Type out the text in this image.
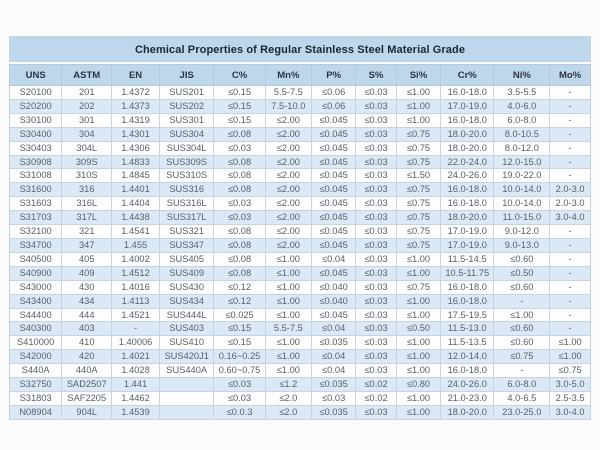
Chemical Properties of Regular Stainless Steel Material Grade
UNS	ASTM	EN	JIS	C%	Mn%	P%	S%	Si%	Cr%	Ni%	Mo%
S20100	201	1.4372	SUS201	≤0.15	5.5-7.5	≤0.06	≤0.03	≤1.00	16.0-18.0	3.5-5.5	-
S20200	202	1.4373	SUS202	≤0.15	7.5-10.0	≤0.06	≤0.03	≤1.00	17.0-19.0	4.0-6.0	-
S30100	301	1.4319	SUS301	≤0.15	≤2.00	≤0.045	≤0.03	≤1.00	16.0-18.0	6.0-8.0	-
S30400	304	1.4301	SUS304	≤0.08	≤2.00	≤0.045	≤0.03	≤0.75	18.0-20.0	8.0-10.5	-
S30403	304L	1.4306	SUS304L	≤0.03	≤2.00	≤0.045	≤0.03	≤0.75	18.0-20.0	8.0-12.0	-
S30908	309S	1.4833	SUS309S	≤0.08	≤2.00	≤0.045	≤0.03	≤0.75	22.0-24.0	12.0-15.0	-
S31008	310S	1.4845	SUS310S	≤0.08	≤2.00	≤0.045	≤0.03	≤1.50	24.0-26.0	19.0-22.0	-
S31600	316	1.4401	SUS316	≤0.08	≤2.00	≤0.045	≤0.03	≤0.75	16.0-18.0	10.0-14.0	2.0-3.0
S31603	316L	1.4404	SUS316L	≤0.03	≤2.00	≤0.045	≤0.03	≤0.75	16.0-18.0	10.0-14.0	2.0-3.0
S31703	317L	1.4438	SUS317L	≤0.03	≤2.00	≤0.045	≤0.03	≤0.75	18.0-20.0	11.0-15.0	3.0-4.0
S32100	321	1.4541	SUS321	≤0.08	≤2.00	≤0.045	≤0.03	≤0.75	17.0-19.0	9.0-12.0	-
S34700	347	1.455	SUS347	≤0.08	≤2.00	≤0.045	≤0.03	≤0.75	17.0-19.0	9.0-13.0	-
S40500	405	1.4002	SUS405	≤0.08	≤1.00	≤0.04	≤0.03	≤1.00	11.5-14.5	≤0.60	-
S40900	409	1.4512	SUS409	≤0.08	≤1.00	≤0.045	≤0.03	≤1.00	10.5-11.75	≤0.50	-
S43000	430	1.4016	SUS430	≤0.12	≤1.00	≤0.040	≤0.03	≤0.75	16.0-18.0	≤0.60	-
S43400	434	1.4113	SUS434	≤0.12	≤1.00	≤0.040	≤0.03	≤1.00	16.0-18.0	-	-
S44400	444	1.4521	SUS444L	≤0.025	≤1.00	≤0.045	≤0.03	≤1.00	17.5-19.5	≤1.00	-
S40300	403	-	SUS403	≤0.15	5.5-7.5	≤0.04	≤0.03	≤0.50	11.5-13.0	≤0.60	-
S410000	410	1.40006	SUS410	≤0.15	≤1.00	≤0.035	≤0.03	≤1.00	11.5-13.5	≤0.60	≤1.00
S42000	420	1.4021	SUS420J1	0.16~0.25	≤1.00	≤0.04	≤0.03	≤1.00	12.0-14.0	≤0.75	≤1.00
S440A	440A	1.4028	SUS440A	0.60~0.75	≤1.00	≤0.04	≤0.03	≤1.00	16.0-18.0	-	≤0.75
S32750	SAD2507	1.441		≤0.03	≤1.2	≤0.035	≤0.02	≤0.80	24.0-26.0	6.0-8.0	3.0-5.0
S31803	SAF2205	1.4462		≤0.03	≤2.0	≤0.03	≤0.02	≤1.00	21.0-23.0	4.0-6.5	2.5-3.5
N08904	904L	1.4539		≤0.0.3	≤2.0	≤0.035	≤0.03	≤1.00	18.0-20.0	23.0-25.0	3.0-4.0
